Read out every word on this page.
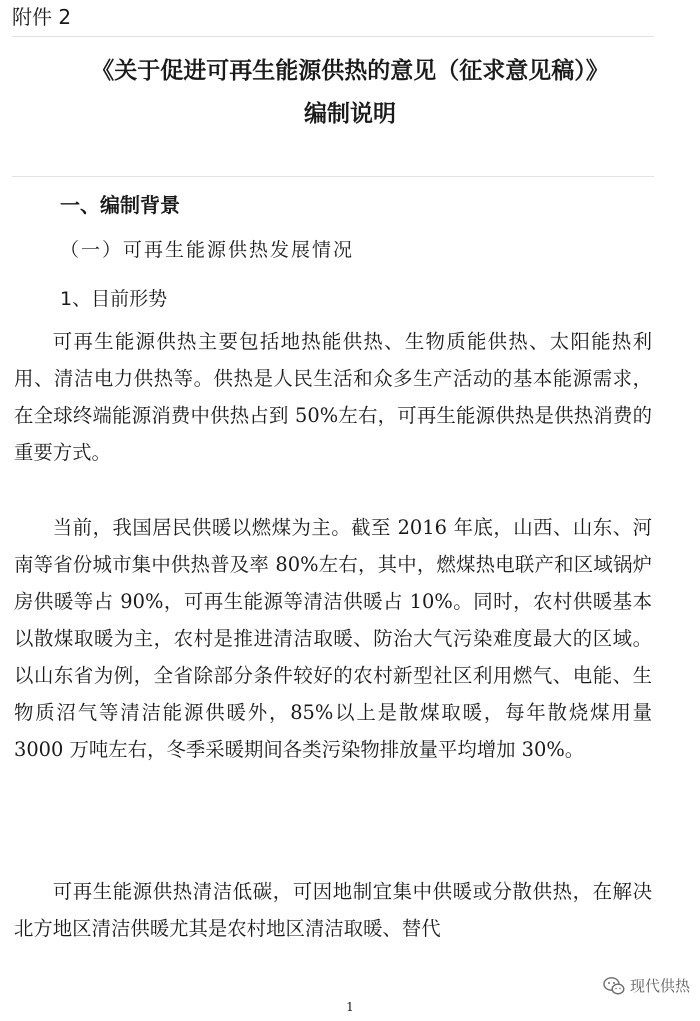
附件 2
《关于促进可再生能源供热的意见（征求意见稿）》
编制说明
一、编制背景
（一）可再生能源供热发展情况
1、目前形势

可再生能源供热主要包括地热能供热、生物质能供热、太阳能热利用、清洁电力供热等。供热是人民生活和众多生产活动的基本能源需求，在全球终端能源消费中供热占到 50%左右，可再生能源供热是供热消费的重要方式。

当前，我国居民供暖以燃煤为主。截至 2016 年底，山西、山东、河南等省份城市集中供热普及率 80%左右，其中，燃煤热电联产和区域锅炉房供暖等占 90%，可再生能源等清洁供暖占 10%。同时，农村供暖基本以散煤取暖为主，农村是推进清洁取暖、防治大气污染难度最大的区域。以山东省为例，全省除部分条件较好的农村新型社区利用燃气、电能、生物质沼气等清洁能源供暖外，85%以上是散煤取暖，每年散烧煤用量 3000 万吨左右，冬季采暖期间各类污染物排放量平均增加 30%。

可再生能源供热清洁低碳，可因地制宜集中供暖或分散供热，在解决北方地区清洁供暖尤其是农村地区清洁取暖、替代

1
现代供热
